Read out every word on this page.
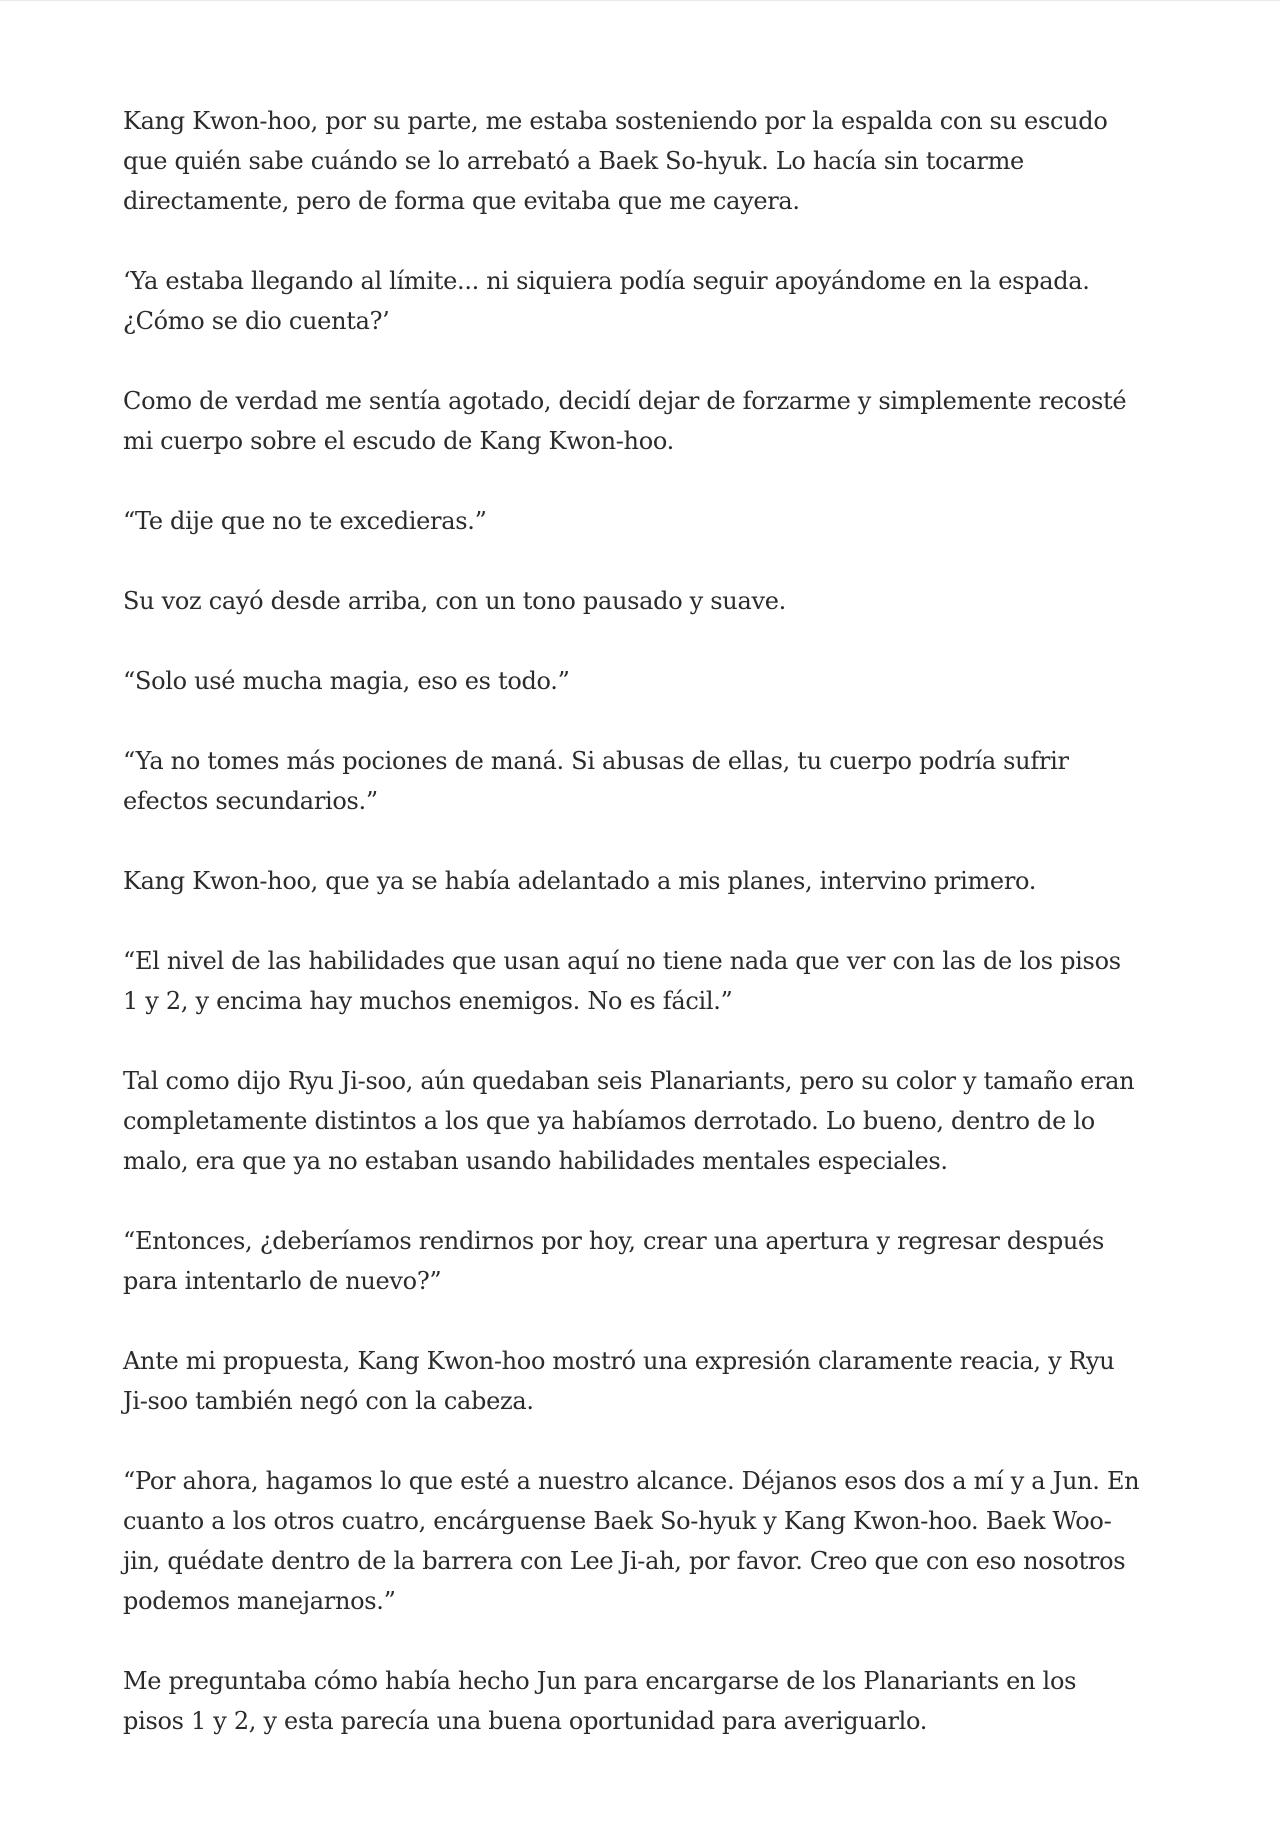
Kang Kwon-hoo, por su parte, me estaba sosteniendo por la espalda con su escudo que quién sabe cuándo se lo arrebató a Baek So-hyuk. Lo hacía sin tocarme directamente, pero de forma que evitaba que me cayera.

‘Ya estaba llegando al límite... ni siquiera podía seguir apoyándome en la espada. ¿Cómo se dio cuenta?’

Como de verdad me sentía agotado, decidí dejar de forzarme y simplemente recosté mi cuerpo sobre el escudo de Kang Kwon-hoo.

“Te dije que no te excedieras.”

Su voz cayó desde arriba, con un tono pausado y suave.

“Solo usé mucha magia, eso es todo.”

“Ya no tomes más pociones de maná. Si abusas de ellas, tu cuerpo podría sufrir efectos secundarios.”

Kang Kwon-hoo, que ya se había adelantado a mis planes, intervino primero.

“El nivel de las habilidades que usan aquí no tiene nada que ver con las de los pisos 1 y 2, y encima hay muchos enemigos. No es fácil.”

Tal como dijo Ryu Ji-soo, aún quedaban seis Planariants, pero su color y tamaño eran completamente distintos a los que ya habíamos derrotado. Lo bueno, dentro de lo malo, era que ya no estaban usando habilidades mentales especiales.

“Entonces, ¿deberíamos rendirnos por hoy, crear una apertura y regresar después para intentarlo de nuevo?”

Ante mi propuesta, Kang Kwon-hoo mostró una expresión claramente reacia, y Ryu Ji-soo también negó con la cabeza.

“Por ahora, hagamos lo que esté a nuestro alcance. Déjanos esos dos a mí y a Jun. En cuanto a los otros cuatro, encárguense Baek So-hyuk y Kang Kwon-hoo. Baek Woo-jin, quédate dentro de la barrera con Lee Ji-ah, por favor. Creo que con eso nosotros podemos manejarnos.”

Me preguntaba cómo había hecho Jun para encargarse de los Planariants en los pisos 1 y 2, y esta parecía una buena oportunidad para averiguarlo.
